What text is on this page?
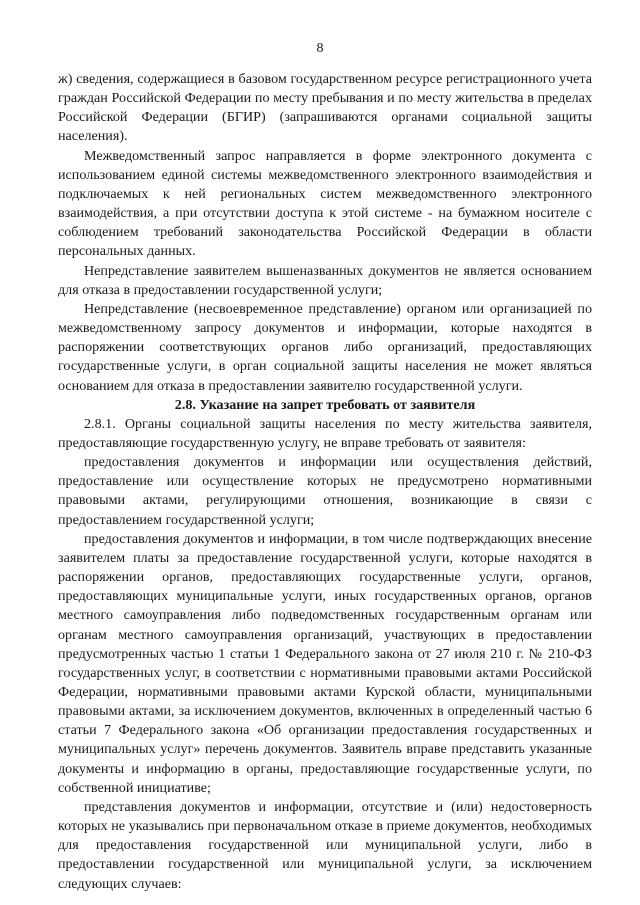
8

ж) сведения, содержащиеся в базовом государственном ресурсе регистрационного учета граждан Российской Федерации по месту пребывания и по месту жительства в пределах Российской Федерации (БГИР) (запрашиваются органами социальной защиты населения).

Межведомственный запрос направляется в форме электронного документа с использованием единой системы межведомственного электронного взаимодействия и подключаемых к ней региональных систем межведомственного электронного взаимодействия, а при отсутствии доступа к этой системе - на бумажном носителе с соблюдением требований законодательства Российской Федерации в области персональных данных.

Непредставление заявителем вышеназванных документов не является основанием для отказа в предоставлении государственной услуги;

Непредставление (несвоевременное представление) органом или организацией по межведомственному запросу документов и информации, которые находятся в распоряжении соответствующих органов либо организаций, предоставляющих государственные услуги, в орган социальной защиты населения не может являться основанием для отказа в предоставлении заявителю государственной услуги.

2.8. Указание на запрет требовать от заявителя

2.8.1. Органы социальной защиты населения по месту жительства заявителя, предоставляющие государственную услугу, не вправе требовать от заявителя:

предоставления документов и информации или осуществления действий, предоставление или осуществление которых не предусмотрено нормативными правовыми актами, регулирующими отношения, возникающие в связи с предоставлением государственной услуги;

предоставления документов и информации, в том числе подтверждающих внесение заявителем платы за предоставление государственной услуги, которые находятся в распоряжении органов, предоставляющих государственные услуги, органов, предоставляющих муниципальные услуги, иных государственных органов, органов местного самоуправления либо подведомственных государственным органам или органам местного самоуправления организаций, участвующих в предоставлении предусмотренных частью 1 статьи 1 Федерального закона от 27 июля 210 г. № 210-ФЗ государственных услуг, в соответствии с нормативными правовыми актами Российской Федерации, нормативными правовыми актами Курской области, муниципальными правовыми актами, за исключением документов, включенных в определенный частью 6 статьи 7 Федерального закона «Об организации предоставления государственных и муниципальных услуг» перечень документов. Заявитель вправе представить указанные документы и информацию в органы, предоставляющие государственные услуги, по собственной инициативе;

представления документов и информации, отсутствие и (или) недостоверность которых не указывались при первоначальном отказе в приеме документов, необходимых для предоставления государственной или муниципальной услуги, либо в предоставлении государственной или муниципальной услуги, за исключением следующих случаев:
